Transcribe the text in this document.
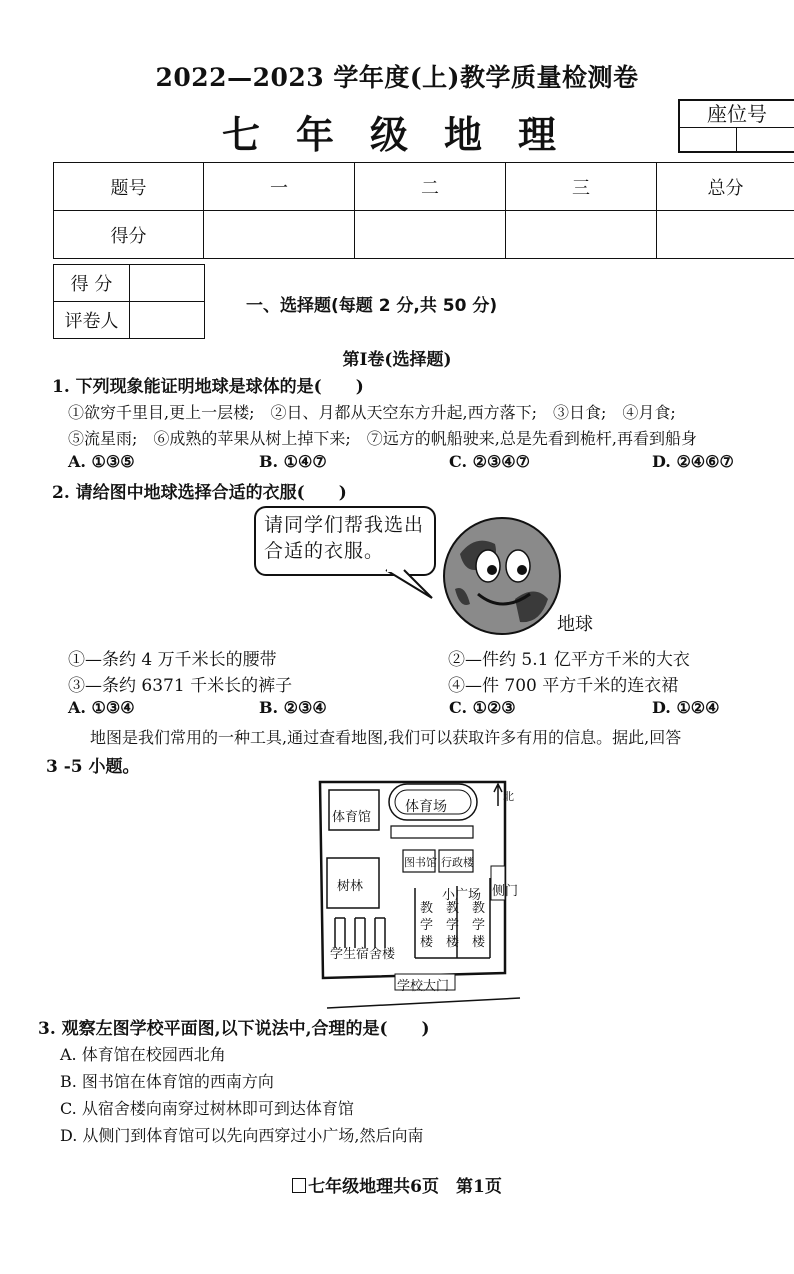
2022—2023 学年度(上)教学质量检测卷
七年级地理	座位号
题号	一	二	三	总分
得分				
得 分	
评卷人	
一、选择题(每题 2 分,共 50 分)
第Ⅰ卷(选择题)
1. 下列现象能证明地球是球体的是(　　)
①欲穷千里目,更上一层楼;　②日、月都从天空东方升起,西方落下;　③日食;　④月食;
⑤流星雨;　⑥成熟的苹果从树上掉下来;　⑦远方的帆船驶来,总是先看到桅杆,再看到船身
A. ①③⑤	B. ①④⑦	C. ②③④⑦	D. ②④⑥⑦
2. 请给图中地球选择合适的衣服(　　)
请同学们帮我选出合适的衣服。
地球
①—条约 4 万千米长的腰带	②—件约 5.1 亿平方千米的大衣
③—条约 6371 千米长的裤子	④—件 700 平方千米的连衣裙
A. ①③④	B. ②③④	C. ①②③	D. ①②④
地图是我们常用的一种工具,通过查看地图,我们可以获取许多有用的信息。据此,回答
3 -5 小题。
北
体育馆
体育场
图书馆 行政楼
树林	侧门
小广场
教学楼
教学楼
教学楼
学生宿舍楼
学校大门
3. 观察左图学校平面图,以下说法中,合理的是(　　)
A. 体育馆在校园西北角
B. 图书馆在体育馆的西南方向
C. 从宿舍楼向南穿过树林即可到达体育馆
D. 从侧门到体育馆可以先向西穿过小广场,然后向南
七年级地理共6页　第1页
